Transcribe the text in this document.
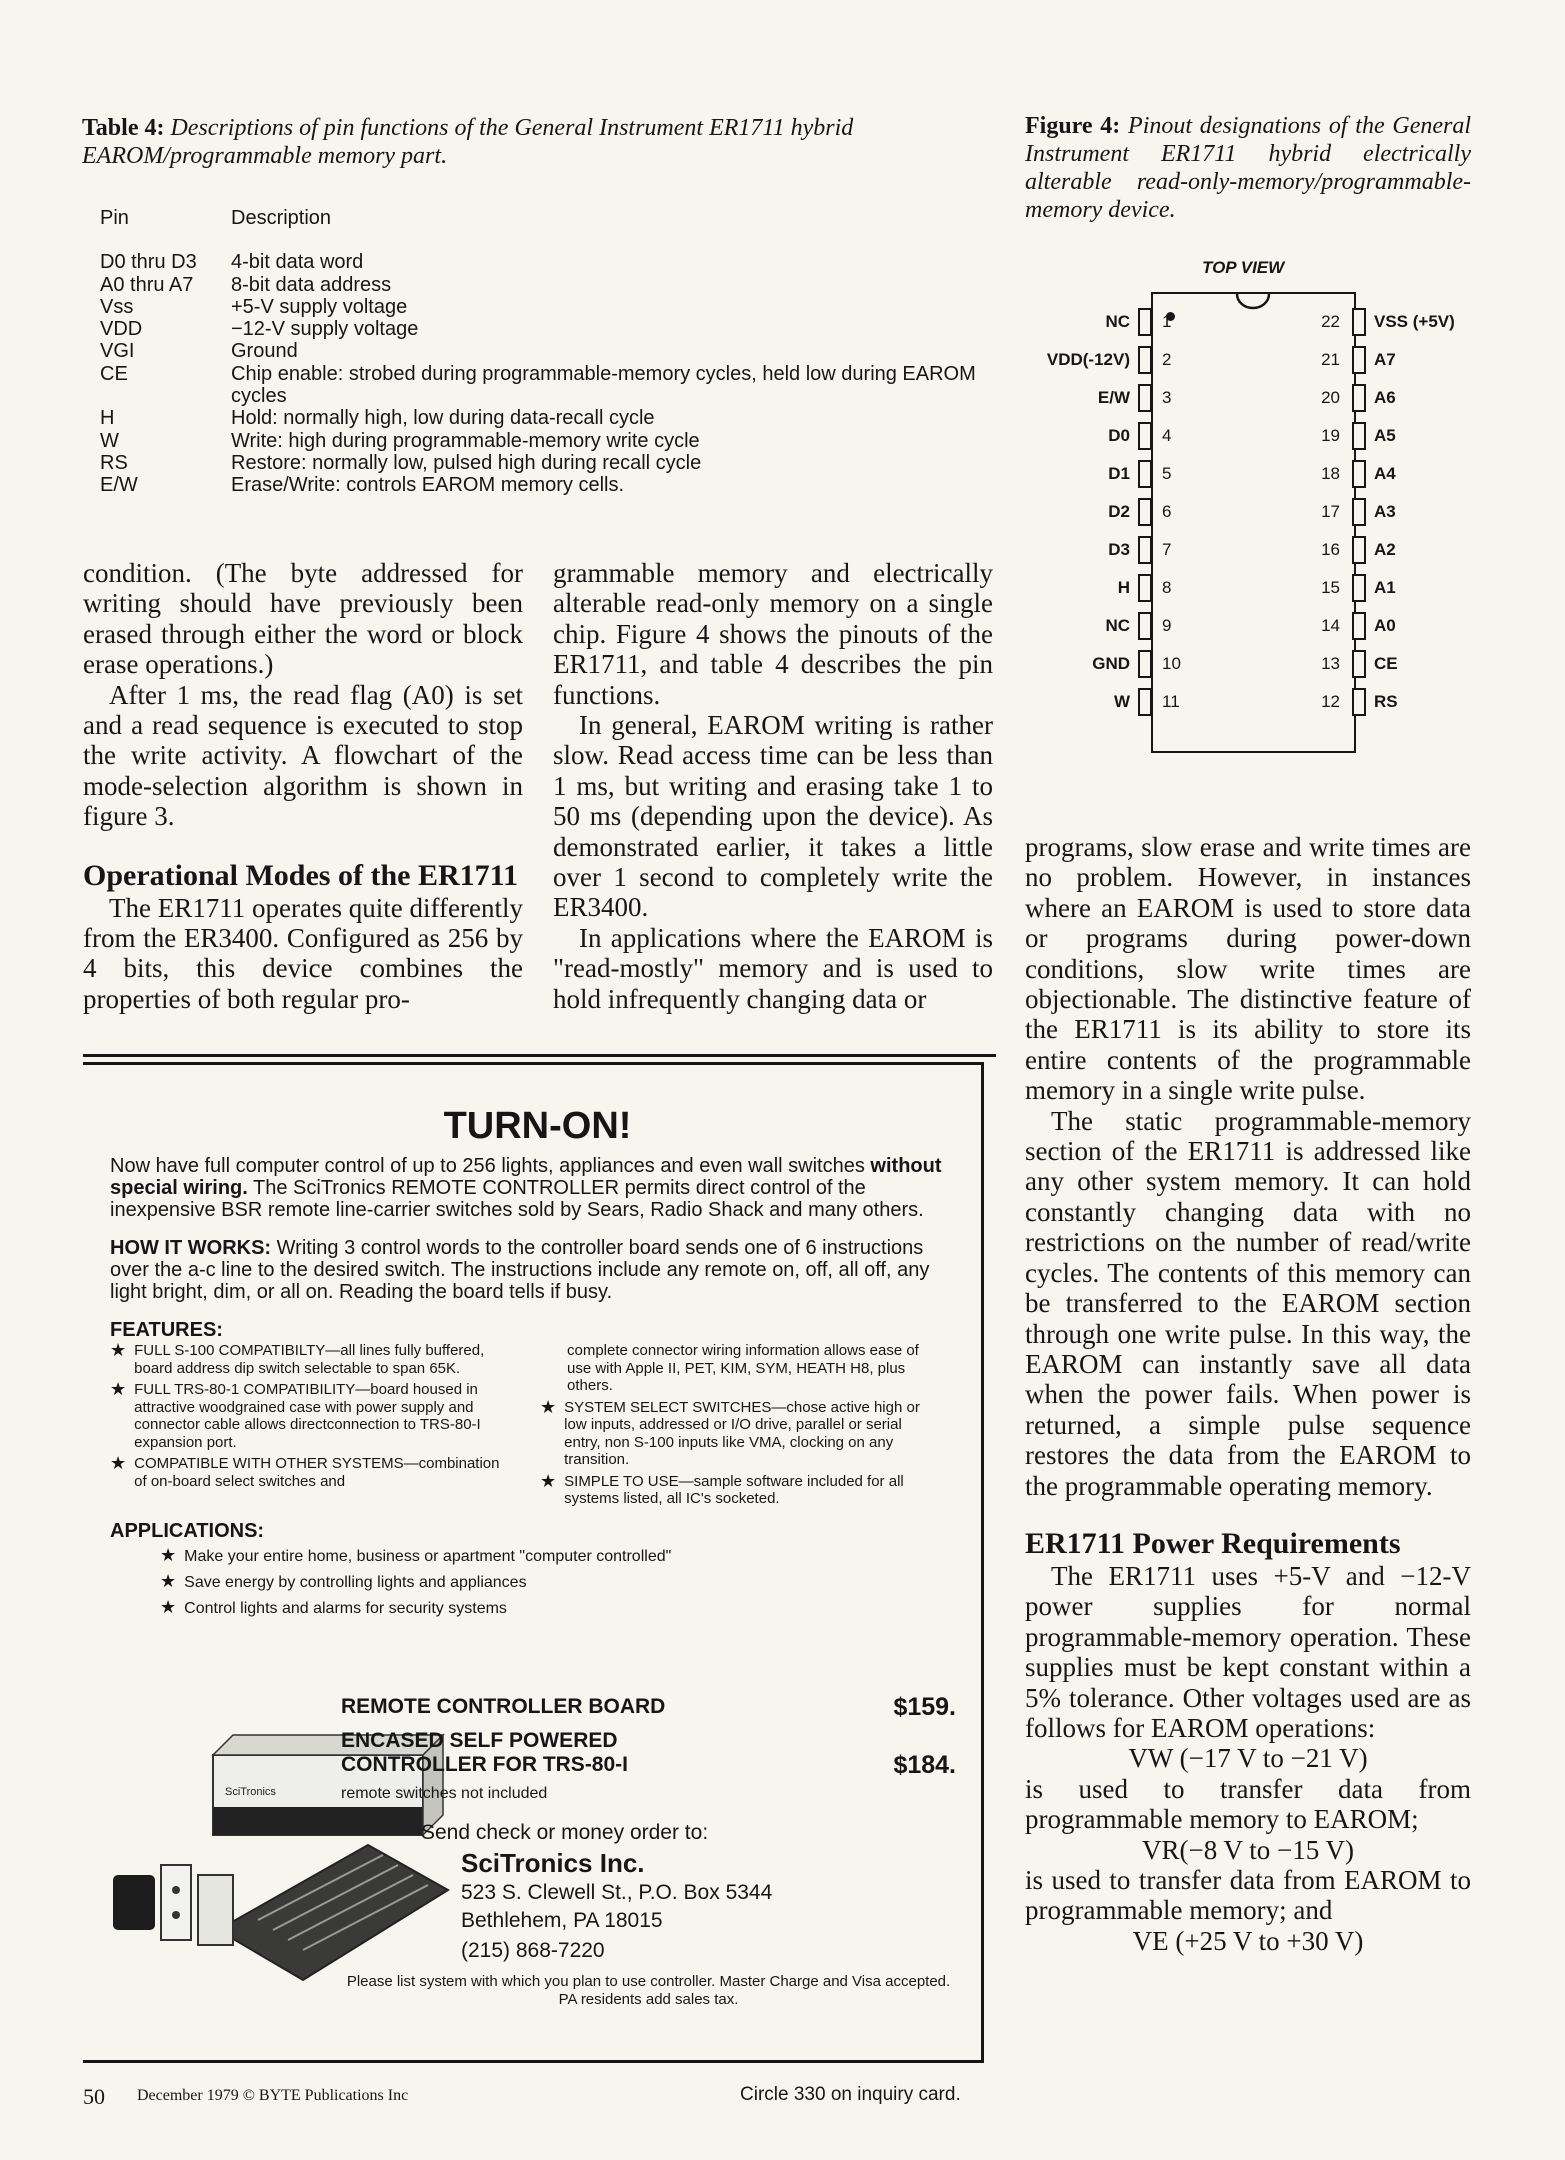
Table 4: Descriptions of pin functions of the General Instrument ER1711 hybrid EAROM/programmable memory part.
Pin	Description
D0 thru D3	4-bit data word
A0 thru A7	8-bit data address
Vss	+5-V supply voltage
VDD	−12-V supply voltage
VGI	Ground
CE	Chip enable: strobed during programmable-memory cycles, held low during EAROM cycles
H	Hold: normally high, low during data-recall cycle
W	Write: high during programmable-memory write cycle
RS	Restore: normally low, pulsed high during recall cycle
E/W	Erase/Write: controls EAROM memory cells.
Figure 4: Pinout designations of the General Instrument ER1711 hybrid electrically alterable read-only-memory/programmable-memory device.
TOP VIEW
1
NC	22 VSS (+5V)
2
VDD(-12V)	21 A7
3
E/W	20 A6
4
D0	19 A5
5
D1	18 A4
6
D2	17 A3
7
D3	16 A2
8
H	15 A1
9
NC	14 A0
10
GND	13 CE
11
W	12 RS

condition. (The byte addressed for writing should have previously been erased through either the word or block erase operations.)

After 1 ms, the read flag (A0) is set and a read sequence is executed to stop the write activity. A flowchart of the mode-selection algorithm is shown in figure 3.

Operational Modes of the ER1711

The ER1711 operates quite differently from the ER3400. Configured as 256 by 4 bits, this device combines the properties of both regular pro-

grammable memory and electrically alterable read-only memory on a single chip. Figure 4 shows the pinouts of the ER1711, and table 4 describes the pin functions.

In general, EAROM writing is rather slow. Read access time can be less than 1 ms, but writing and erasing take 1 to 50 ms (depending upon the device). As demonstrated earlier, it takes a little over 1 second to completely write the ER3400.

In applications where the EAROM is "read-mostly" memory and is used to hold infrequently changing data or

programs, slow erase and write times are no problem. However, in instances where an EAROM is used to store data or programs during power-down conditions, slow write times are objectionable. The distinctive feature of the ER1711 is its ability to store its entire contents of the programmable memory in a single write pulse.

The static programmable-memory section of the ER1711 is addressed like any other system memory. It can hold constantly changing data with no restrictions on the number of read/write cycles. The contents of this memory can be transferred to the EAROM section through one write pulse. In this way, the EAROM can instantly save all data when the power fails. When power is returned, a simple pulse sequence restores the data from the EAROM to the programmable operating memory.

ER1711 Power Requirements

The ER1711 uses +5-V and −12-V power supplies for normal programmable-memory operation. These supplies must be kept constant within a 5% tolerance. Other voltages used are as follows for EAROM operations:

VW (−17 V to −21 V)

is used to transfer data from programmable memory to EAROM;

VR(−8 V to −15 V)

is used to transfer data from EAROM to programmable memory; and

VE (+25 V to +30 V)

TURN-ON!

Now have full computer control of up to 256 lights, appliances and even wall switches without special wiring. The SciTronics REMOTE CONTROLLER permits direct control of the inexpensive BSR remote line-carrier switches sold by Sears, Radio Shack and many others.

HOW IT WORKS: Writing 3 control words to the controller board sends one of 6 instructions over the a-c line to the desired switch. The instructions include any remote on, off, all off, any light bright, dim, or all on. Reading the board tells if busy.

FEATURES:
★ FULL S-100 COMPATIBILTY—all lines fully buffered, board address dip switch selectable to span 65K.
★ FULL TRS-80-1 COMPATIBILITY—board housed in attractive woodgrained case with power supply and connector cable allows directconnection to TRS-80-I expansion port.
★ COMPATIBLE WITH OTHER SYSTEMS—combination of on-board select switches and
complete connector wiring information allows ease of use with Apple II, PET, KIM, SYM, HEATH H8, plus others.
★ SYSTEM SELECT SWITCHES—chose active high or low inputs, addressed or I/O drive, parallel or serial entry, non S-100 inputs like VMA, clocking on any transition.
★ SIMPLE TO USE—sample software included for all systems listed, all IC's socketed.
APPLICATIONS:
★ Make your entire home, business or apartment "computer controlled"
★ Save energy by controlling lights and appliances
★ Control lights and alarms for security systems
SciTronics
REMOTE CONTROLLER BOARD	$159.
ENCASED SELF POWERED
CONTROLLER FOR TRS-80-I	$184.
remote switches not included
Send check or money order to:
SciTronics Inc.
523 S. Clewell St., P.O. Box 5344
Bethlehem, PA 18015
(215) 868-7220
Please list system with which you plan to use controller. Master Charge and Visa accepted. PA residents add sales tax.
50 December 1979 © BYTE Publications Inc	Circle 330 on inquiry card.
